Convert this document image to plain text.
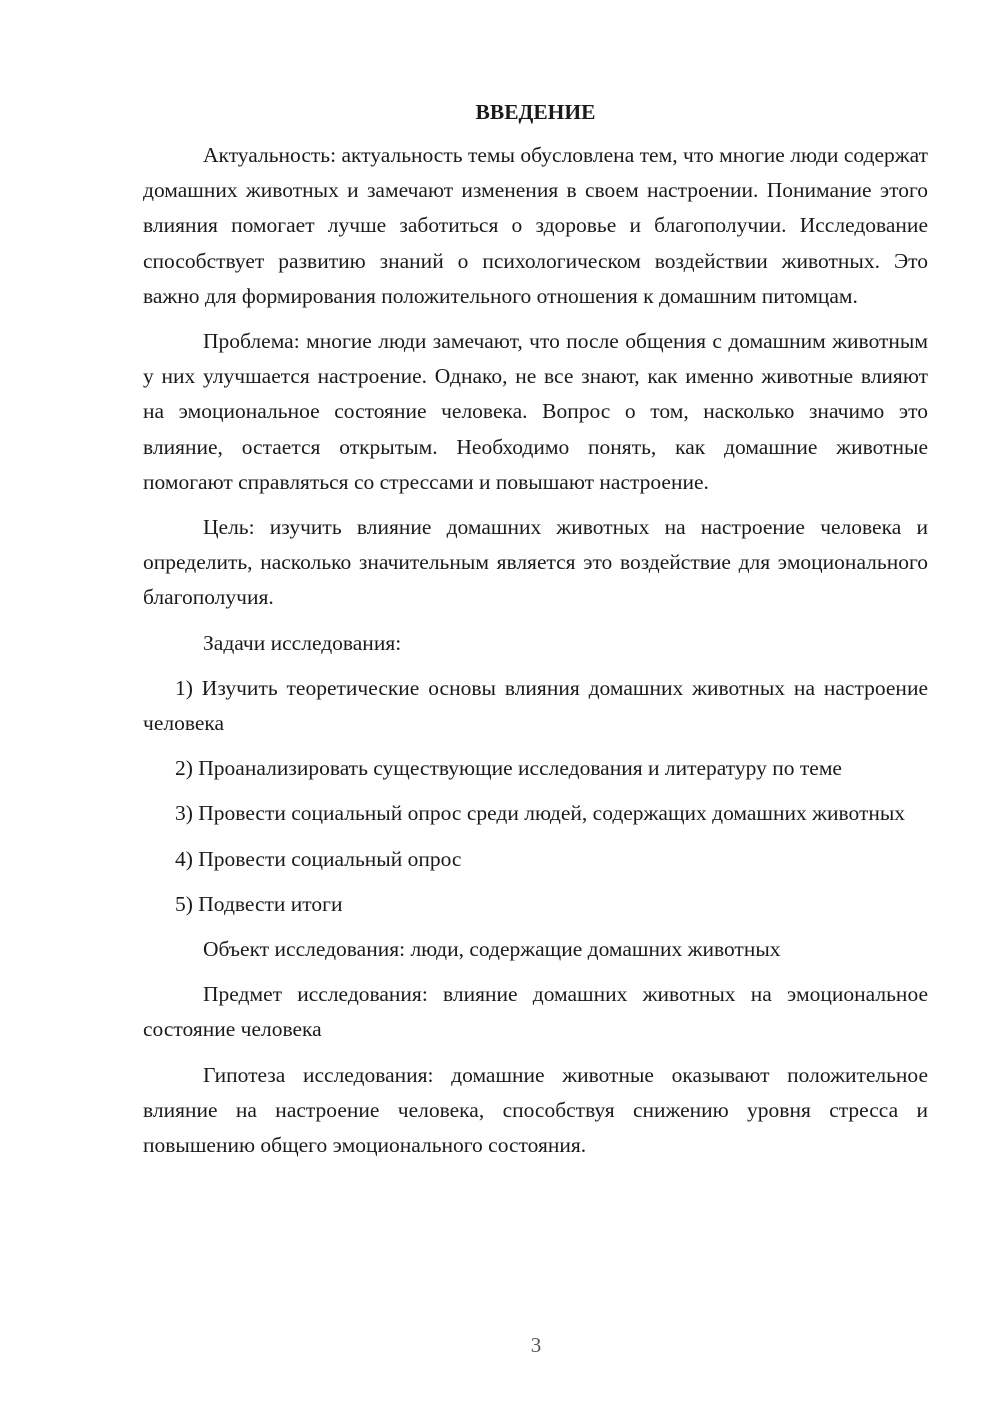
ВВЕДЕНИЕ

Актуальность: актуальность темы обусловлена тем, что многие люди содержат домашних животных и замечают изменения в своем настроении. Понимание этого влияния помогает лучше заботиться о здоровье и благополучии. Исследование способствует развитию знаний о психологическом воздействии животных. Это важно для формирования положительного отношения к домашним питомцам.

Проблема: многие люди замечают, что после общения с домашним животным у них улучшается настроение. Однако, не все знают, как именно животные влияют на эмоциональное состояние человека. Вопрос о том, насколько значимо это влияние, остается открытым. Необходимо понять, как домашние животные помогают справляться со стрессами и повышают настроение.

Цель: изучить влияние домашних животных на настроение человека и определить, насколько значительным является это воздействие для эмоционального благополучия.

Задачи исследования:

1) Изучить теоретические основы влияния домашних животных на настроение человека

2) Проанализировать существующие исследования и литературу по теме

3) Провести социальный опрос среди людей, содержащих домашних животных

4) Провести социальный опрос

5) Подвести итоги

Объект исследования: люди, содержащие домашних животных

Предмет исследования: влияние домашних животных на эмоциональное состояние человека

Гипотеза исследования: домашние животные оказывают положительное влияние на настроение человека, способствуя снижению уровня стресса и повышению общего эмоционального состояния.

3
